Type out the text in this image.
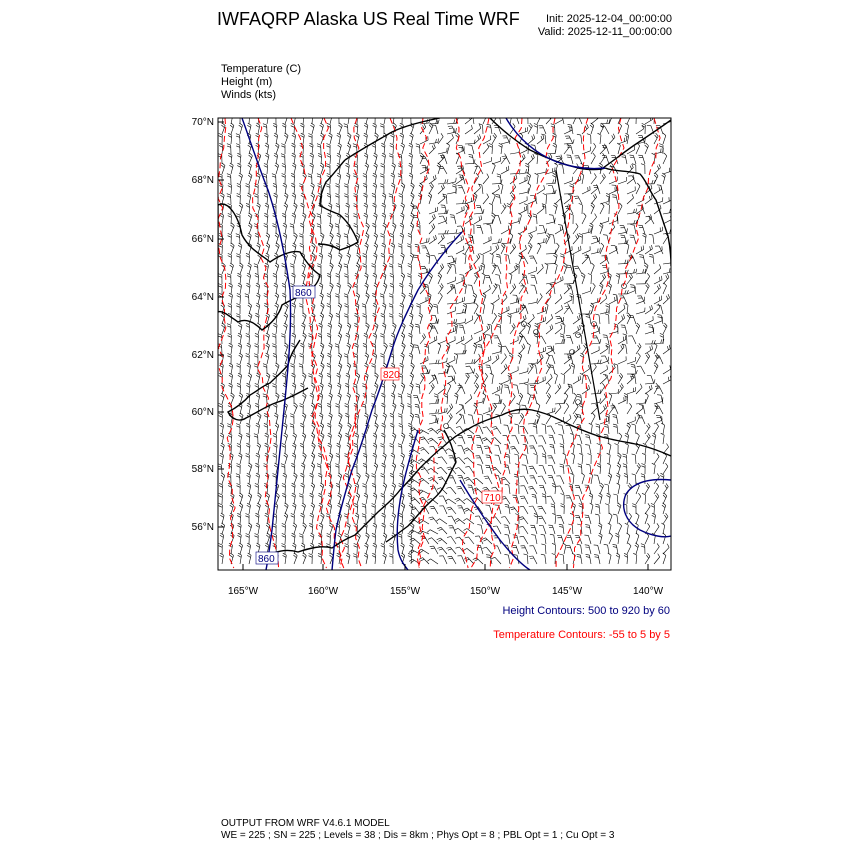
IWFAQRP Alaska US Real Time WRF Init: 2025-12-04_00:00:00
Valid: 2025-12-11_00:00:00
Temperature (C)
Height (m)
Winds (kts)
860
820
710
860
70°N
68°N
66°N
64°N
62°N
60°N
58°N
56°N
165°W	160°W	155°W	150°W	145°W	140°W
Height Contours: 500 to 920 by 60
Temperature Contours: -55 to 5 by 5
OUTPUT FROM WRF V4.6.1 MODEL
WE = 225 ; SN = 225 ; Levels = 38 ; Dis = 8km ; Phys Opt = 8 ; PBL Opt = 1 ; Cu Opt = 3
